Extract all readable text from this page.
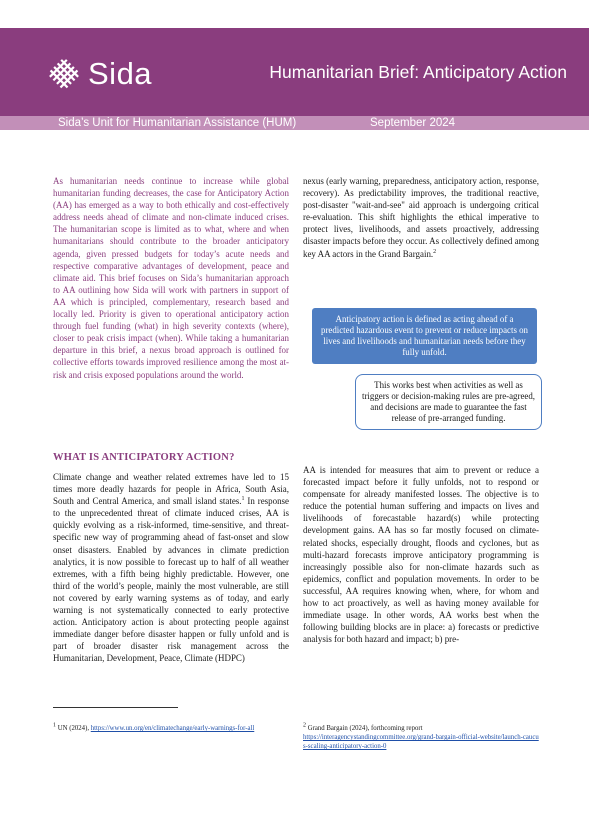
Sida	Humanitarian Brief: Anticipatory Action
Sida’s Unit for Humanitarian Assistance (HUM)	September 2024

As humanitarian needs continue to increase while global humanitarian funding decreases, the case for Anticipatory Action (AA) has emerged as a way to both ethically and cost-effectively address needs ahead of climate and non-climate induced crises. The humanitarian scope is limited as to what, where and when humanitarians should contribute to the broader anticipatory agenda, given pressed budgets for today’s acute needs and respective comparative advantages of development, peace and climate aid. This brief focuses on Sida’s humanitarian approach to AA outlining how Sida will work with partners in support of AA which is principled, complementary, research based and locally led. Priority is given to operational anticipatory action through fuel funding (what) in high severity contexts (where), closer to peak crisis impact (when). While taking a humanitarian departure in this brief, a nexus broad approach is outlined for collective efforts towards improved resilience among the most at-risk and crisis exposed populations around the world.

nexus (early warning, preparedness, anticipatory action, response, recovery). As predictability improves, the traditional reactive, post-disaster "wait-and-see" aid approach is undergoing critical re-evaluation. This shift highlights the ethical imperative to protect lives, livelihoods, and assets proactively, addressing disaster impacts before they occur. As collectively defined among key AA actors in the Grand Bargain.$^2$

Anticipatory action is defined as acting ahead of a predicted hazardous event to prevent or reduce impacts on lives and livelihoods and humanitarian needs before they fully unfold.
This works best when activities as well as triggers or decision-making rules are pre-agreed, and decisions are made to guarantee the fast release of pre-arranged funding.
WHAT IS ANTICIPATORY ACTION?

Climate change and weather related extremes have led to 15 times more deadly hazards for people in Africa, South Asia, South and Central America, and small island states.$^1$ In response to the unprecedented threat of climate induced crises, AA is quickly evolving as a risk-informed, time-sensitive, and threat-specific new way of programming ahead of fast-onset and slow onset disasters. Enabled by advances in climate prediction analytics, it is now possible to forecast up to half of all weather extremes, with a fifth being highly predictable. However, one third of the world’s people, mainly the most vulnerable, are still not covered by early warning systems as of today, and early warning is not systematically connected to early protective action. Anticipatory action is about protecting people against immediate danger before disaster happen or fully unfold and is part of broader disaster risk management across the Humanitarian, Development, Peace, Climate (HDPC)

AA is intended for measures that aim to prevent or reduce a forecasted impact before it fully unfolds, not to respond or compensate for already manifested losses. The objective is to reduce the potential human suffering and impacts on lives and livelihoods of forecastable hazard(s) while protecting development gains. AA has so far mostly focused on climate-related shocks, especially drought, floods and cyclones, but as multi-hazard forecasts improve anticipatory programming is increasingly possible also for non-climate hazards such as epidemics, conflict and population movements. In order to be successful, AA requires knowing when, where, for whom and how to act proactively, as well as having money available for immediate usage. In other words, AA works best when the following building blocks are in place: a) forecasts or predictive analysis for both hazard and impact; b) pre-

$^1$ UN (2024), https://www.un.org/en/climatechange/early-warnings-for-all	$^2$ Grand Bargain (2024), forthcoming report
https://interagencystandingcommittee.org/grand-bargain-official-website/launch-caucus-scaling-anticipatory-action-0
